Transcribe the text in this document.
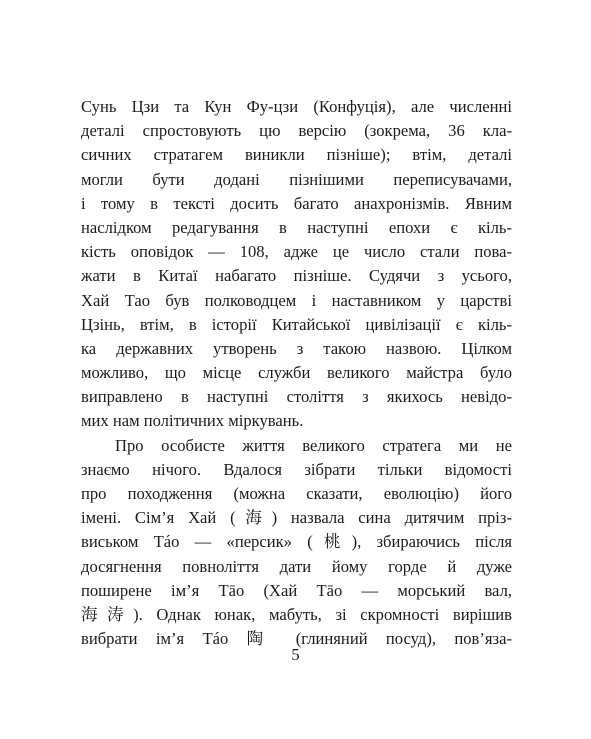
Сунь Цзи та Кун Фу-цзи (Конфуція), але численні
деталі спростовують цю версію (зокрема, 36 кла-
сичних стратагем виникли пізніше); втім, деталі
могли бути додані пізнішими переписувачами,
і тому в тексті досить багато анахронізмів. Явним
наслідком редагування в наступні епохи є кіль-
кість оповідок — 108, адже це число стали пова-
жати в Китаї набагато пізніше. Судячи з усього,
Хай Тао був полководцем і наставником у царстві
Цзінь, втім, в історії Китайської цивілізації є кіль-
ка державних утворень з такою назвою. Цілком
можливо, що місце служби великого майстра було
виправлено в наступні століття з якихось невідо-
мих нам політичних міркувань.
Про особисте життя великого стратега ми не
знаємо нічого. Вдалося зібрати тільки відомості
про походження (можна сказати, еволюцію) його
імені. Сім’я Хай (海) назвала сина дитячим пріз-
виськом Táo — «персик» (桃), збираючись після
досягнення повноліття дати йому горде й дуже
поширене ім’я Tāo (Хай Tāo — морський вал,
海涛). Однак юнак, мабуть, зі скромності вирішив
вибрати ім’я Táo 陶 (глиняний посуд), пов’яза-
5
